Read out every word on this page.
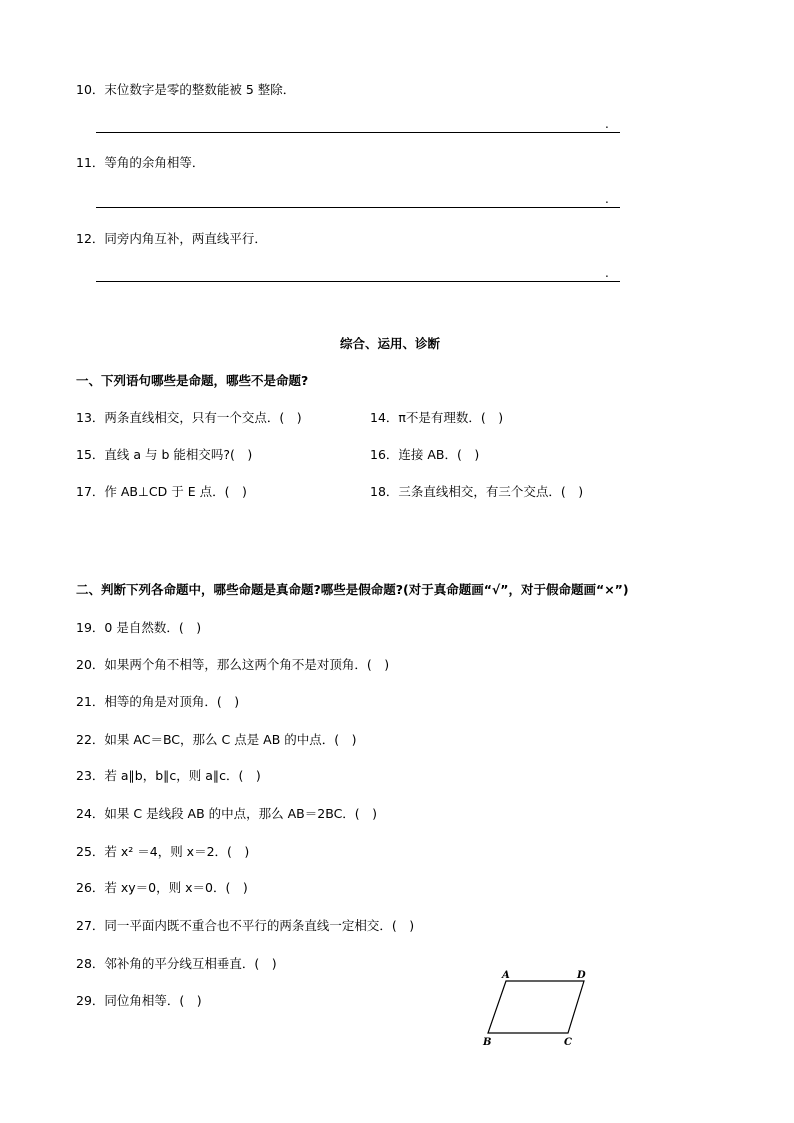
10．末位数字是零的整数能被 5 整除．
.
11．等角的余角相等．
.
12．同旁内角互补，两直线平行．
.
综合、运用、诊断
一、下列语句哪些是命题，哪些不是命题?
13．两条直线相交，只有一个交点．(　)	14．π不是有理数．(　)
15．直线 a 与 b 能相交吗?(　)	16．连接 AB．(　)
17．作 AB⊥CD 于 E 点．(　)	18．三条直线相交，有三个交点．(　)
二、判断下列各命题中，哪些命题是真命题?哪些是假命题?(对于真命题画“√”，对于假命题画“×”)
19．0 是自然数．(　)
20．如果两个角不相等，那么这两个角不是对顶角．(　)
21．相等的角是对顶角．(　)
22．如果 AC＝BC，那么 C 点是 AB 的中点．(　)
23．若 a∥b，b∥c，则 a∥c．(　)
24．如果 C 是线段 AB 的中点，那么 AB＝2BC．(　)
25．若 x² ＝4，则 x＝2．(　)
26．若 xy＝0，则 x＝0．(　)
27．同一平面内既不重合也不平行的两条直线一定相交．(　)
28．邻补角的平分线互相垂直．(　)
29．同位角相等．(　)
A	D
B	C
